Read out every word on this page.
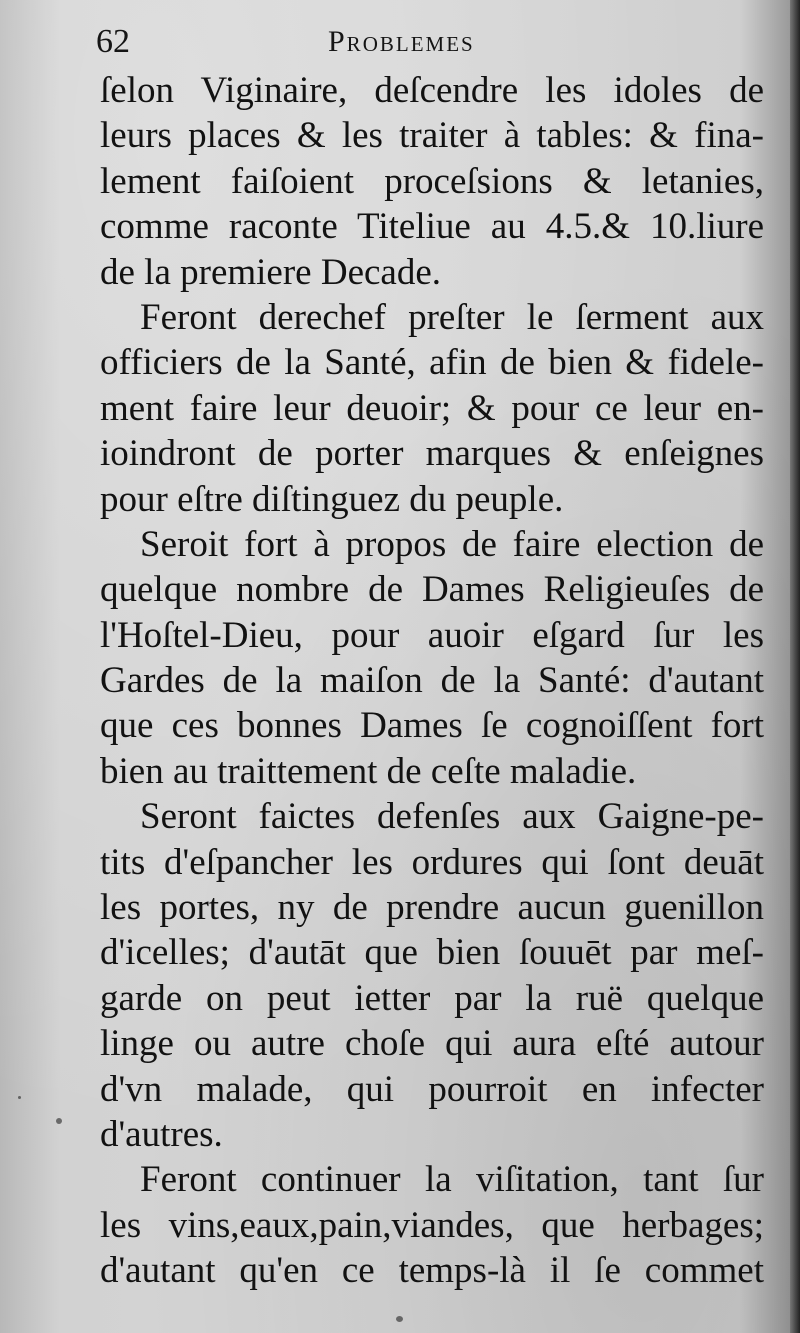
62	Problemes
ſelon Viginaire, deſcendre les idoles de
leurs places & les traiter à tables: & fina-
lement faiſoient proceſsions & letanies,
comme raconte Titeliue au 4.5.& 10.liure
de la premiere Decade.
Feront derechef preſter le ſerment aux
officiers de la Santé, afin de bien & fidele-
ment faire leur deuoir; & pour ce leur en-
ioindront de porter marques & enſeignes
pour eſtre diſtinguez du peuple.
Seroit fort à propos de faire election de
quelque nombre de Dames Religieuſes de
l'Hoſtel-Dieu, pour auoir eſgard ſur les
Gardes de la maiſon de la Santé: d'autant
que ces bonnes Dames ſe cognoiſſent fort
bien au traittement de ceſte maladie.
Seront faictes defenſes aux Gaigne-pe-
tits d'eſpancher les ordures qui ſont deuāt
les portes, ny de prendre aucun guenillon
d'icelles; d'autāt que bien ſouuēt par meſ-
garde on peut ietter par la ruë quelque
linge ou autre choſe qui aura eſté autour
d'vn malade, qui pourroit en infecter
d'autres.
Feront continuer la viſitation, tant ſur
les vins,eaux,pain,viandes, que herbages;
d'autant qu'en ce temps-là il ſe commet
